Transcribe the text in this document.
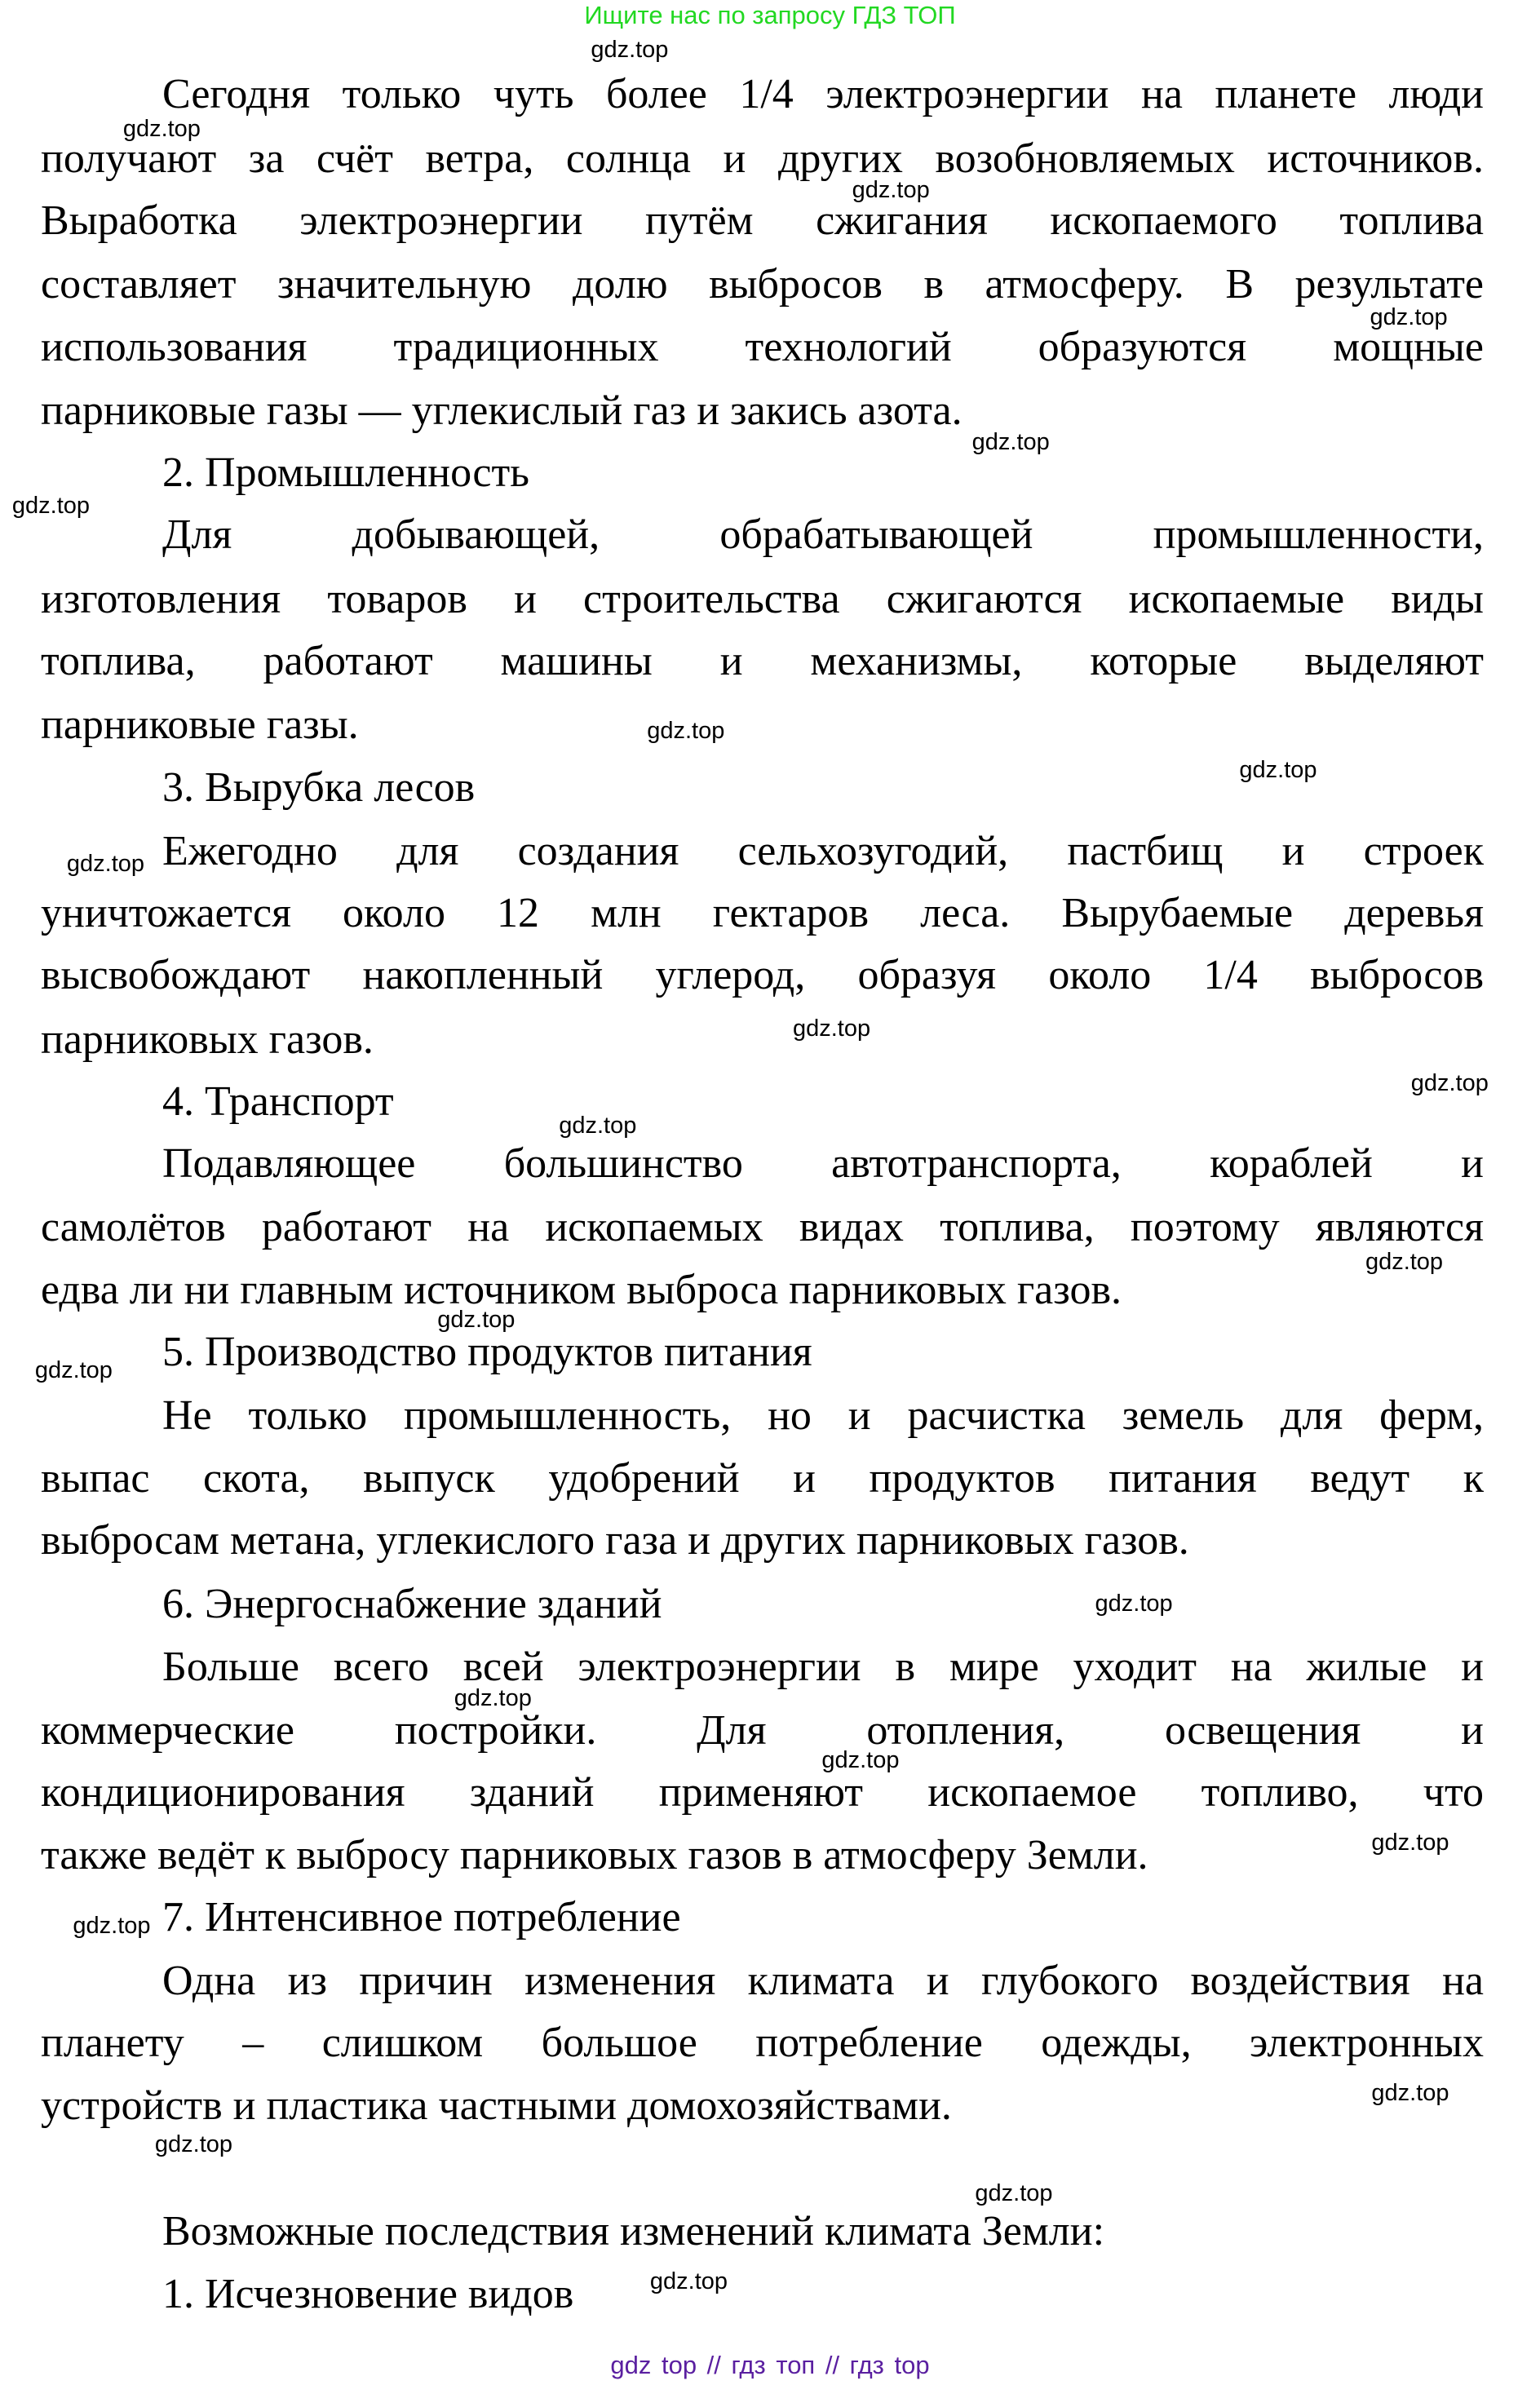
Ищите нас по запросу ГДЗ ТОП
Сегодня только чуть более 1/4 электроэнергии на планете люди
получают за счёт ветра, солнца и других возобновляемых источников.
Выработка электроэнергии путём сжигания ископаемого топлива
составляет значительную долю выбросов в атмосферу. В результате
использования традиционных технологий образуются мощные
парниковые газы — углекислый газ и закись азота.
2. Промышленность
Для добывающей, обрабатывающей промышленности,
изготовления товаров и строительства сжигаются ископаемые виды
топлива, работают машины и механизмы, которые выделяют
парниковые газы.
3. Вырубка лесов
Ежегодно для создания сельхозугодий, пастбищ и строек
уничтожается около 12 млн гектаров леса. Вырубаемые деревья
высвобождают накопленный углерод, образуя около 1/4 выбросов
парниковых газов.
4. Транспорт
Подавляющее большинство автотранспорта, кораблей и
самолётов работают на ископаемых видах топлива, поэтому являются
едва ли ни главным источником выброса парниковых газов.
5. Производство продуктов питания
Не только промышленность, но и расчистка земель для ферм,
выпас скота, выпуск удобрений и продуктов питания ведут к
выбросам метана, углекислого газа и других парниковых газов.
6. Энергоснабжение зданий
Больше всего всей электроэнергии в мире уходит на жилые и
коммерческие постройки. Для отопления, освещения и
кондиционирования зданий применяют ископаемое топливо, что
также ведёт к выбросу парниковых газов в атмосферу Земли.
7. Интенсивное потребление
Одна из причин изменения климата и глубокого воздействия на
планету – слишком большое потребление одежды, электронных
устройств и пластика частными домохозяйствами.
Возможные последствия изменений климата Земли:
1. Исчезновение видов
gdz.top
gdz.top
gdz.top
gdz.top
gdz.top
gdz.top
gdz.top
gdz.top
gdz.top
gdz.top
gdz.top
gdz.top
gdz.top
gdz.top
gdz.top
gdz.top
gdz.top
gdz.top
gdz.top
gdz.top
gdz.top
gdz.top
gdz.top
gdz.top
gdz top // гдз топ // гдз top
